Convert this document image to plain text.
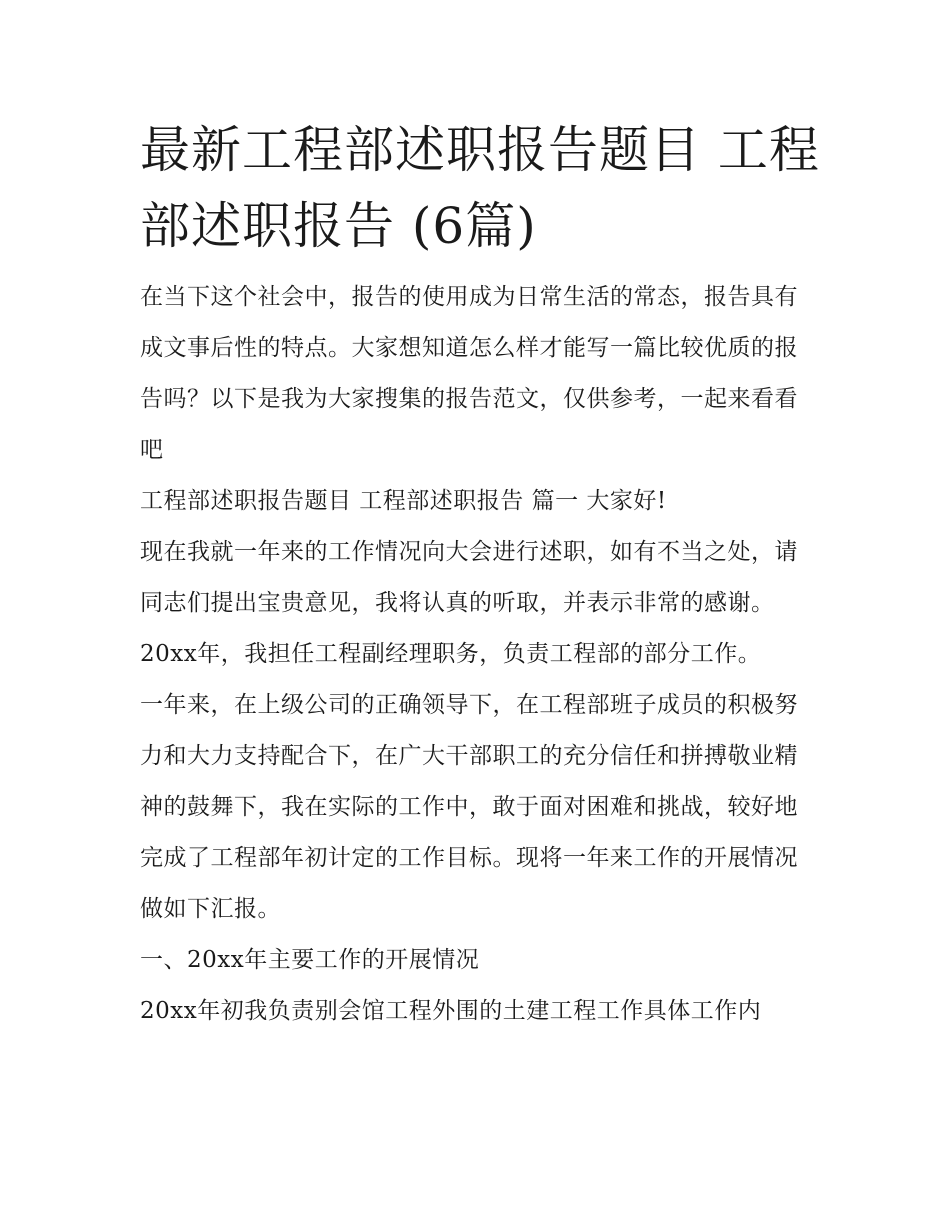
最新工程部述职报告题目 工程部述职报告 (6篇)

在当下这个社会中，报告的使用成为日常生活的常态，报告具有成文事后性的特点。大家想知道怎么样才能写一篇比较优质的报告吗？以下是我为大家搜集的报告范文，仅供参考，一起来看看吧

工程部述职报告题目 工程部述职报告 篇一 大家好!

现在我就一年来的工作情况向大会进行述职，如有不当之处，请同志们提出宝贵意见，我将认真的听取，并表示非常的感谢。

20xx年，我担任工程副经理职务，负责工程部的部分工作。

一年来，在上级公司的正确领导下，在工程部班子成员的积极努力和大力支持配合下，在广大干部职工的充分信任和拼搏敬业精神的鼓舞下，我在实际的工作中，敢于面对困难和挑战，较好地完成了工程部年初计定的工作目标。现将一年来工作的开展情况做如下汇报。

一、20xx年主要工作的开展情况

20xx年初我负责别会馆工程外围的土建工程工作具体工作内
